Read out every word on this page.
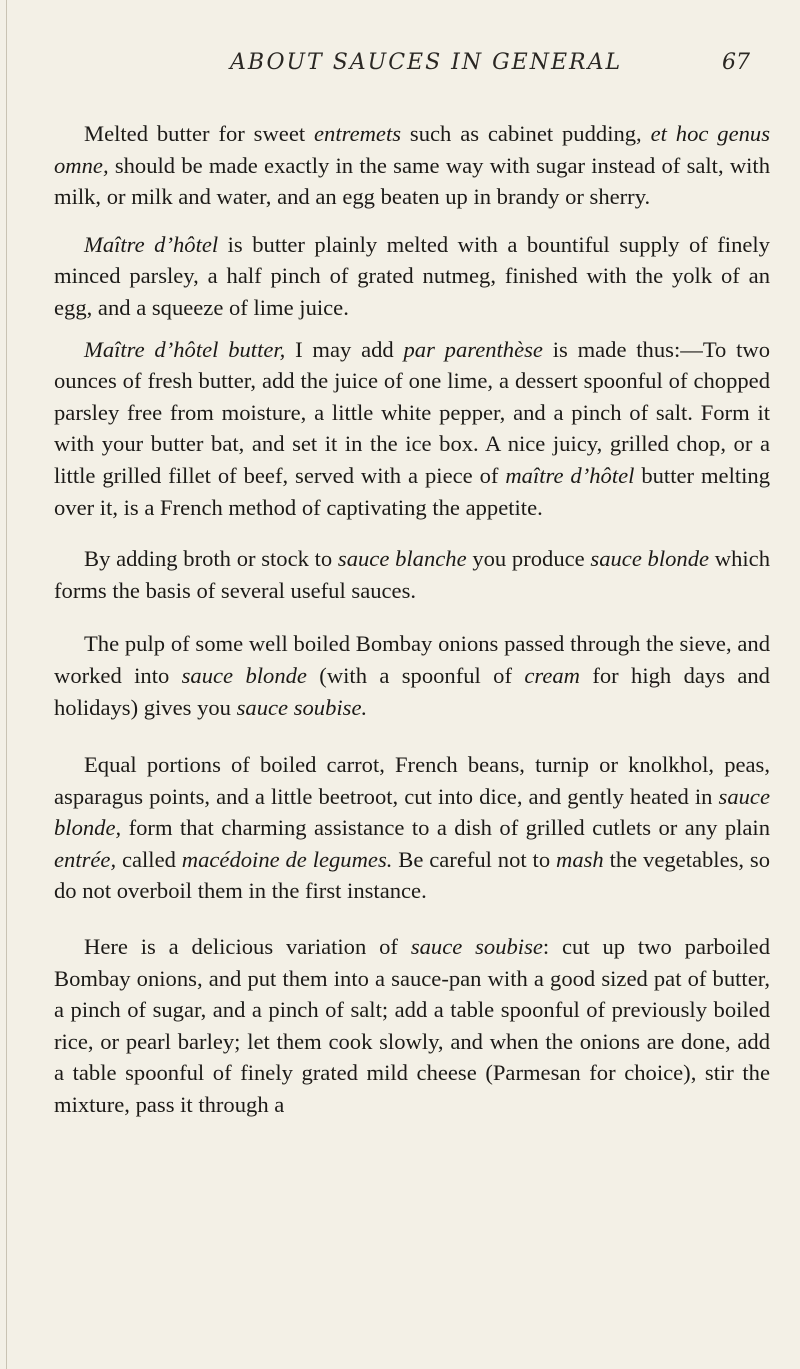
ABOUT SAUCES IN GENERAL	67

Melted butter for sweet entremets such as cabinet pudding, et hoc genus omne, should be made exactly in the same way with sugar instead of salt, with milk, or milk and water, and an egg beaten up in brandy or sherry.

Maître d’hôtel is butter plainly melted with a bountiful supply of finely minced parsley, a half pinch of grated nutmeg, finished with the yolk of an egg, and a squeeze of lime juice.

Maître d’hôtel butter, I may add par parenthèse is made thus:—To two ounces of fresh butter, add the juice of one lime, a dessert spoonful of chopped parsley free from moisture, a little white pepper, and a pinch of salt. Form it with your butter bat, and set it in the ice box. A nice juicy, grilled chop, or a little grilled fillet of beef, served with a piece of maître d’hôtel butter melting over it, is a French method of captivating the appetite.

By adding broth or stock to sauce blanche you produce sauce blonde which forms the basis of several useful sauces.

The pulp of some well boiled Bombay onions passed through the sieve, and worked into sauce blonde (with a spoonful of cream for high days and holidays) gives you sauce soubise.

Equal portions of boiled carrot, French beans, turnip or knolkhol, peas, asparagus points, and a little beetroot, cut into dice, and gently heated in sauce blonde, form that charming assistance to a dish of grilled cutlets or any plain entrée, called macédoine de legumes. Be careful not to mash the vegetables, so do not overboil them in the first instance.

Here is a delicious variation of sauce soubise: cut up two parboiled Bombay onions, and put them into a sauce-pan with a good sized pat of butter, a pinch of sugar, and a pinch of salt; add a table spoonful of previously boiled rice, or pearl barley; let them cook slowly, and when the onions are done, add a table spoonful of finely grated mild cheese (Parmesan for choice), stir the mixture, pass it through a
